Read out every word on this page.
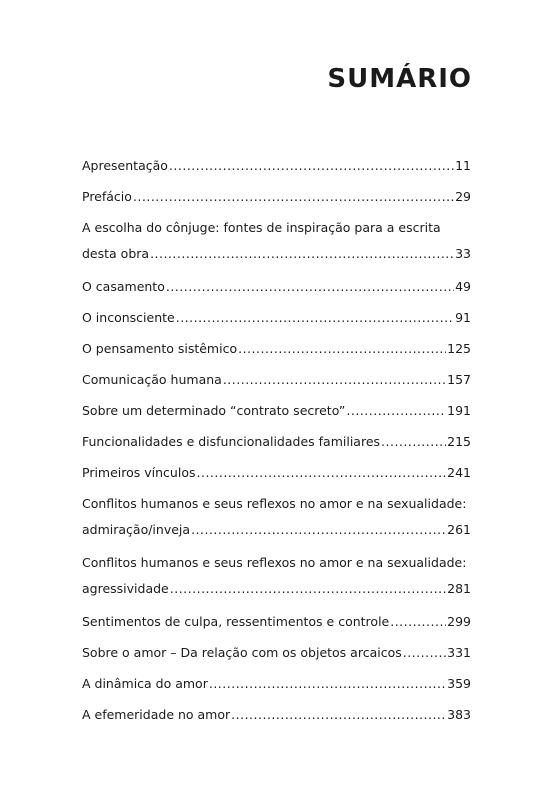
SUMÁRIO
Apresentação .....	11
Prefácio .....	29
A escolha do cônjuge: fontes de inspiração para a escrita
desta obra .....	33
O casamento .....	49
O inconsciente .....	91
O pensamento sistêmico .....	125
Comunicação humana .....	157
Sobre um determinado “contrato secreto” .....	191
Funcionalidades e disfuncionalidades familiares .....	215
Primeiros vínculos .....	241
Conflitos humanos e seus reflexos no amor e na sexualidade:
admiração/inveja .....	261
Conflitos humanos e seus reflexos no amor e na sexualidade:
agressividade .....	281
Sentimentos de culpa, ressentimentos e controle .....	299
Sobre o amor – Da relação com os objetos arcaicos .....	331
A dinâmica do amor .....	359
A efemeridade no amor .....	383
